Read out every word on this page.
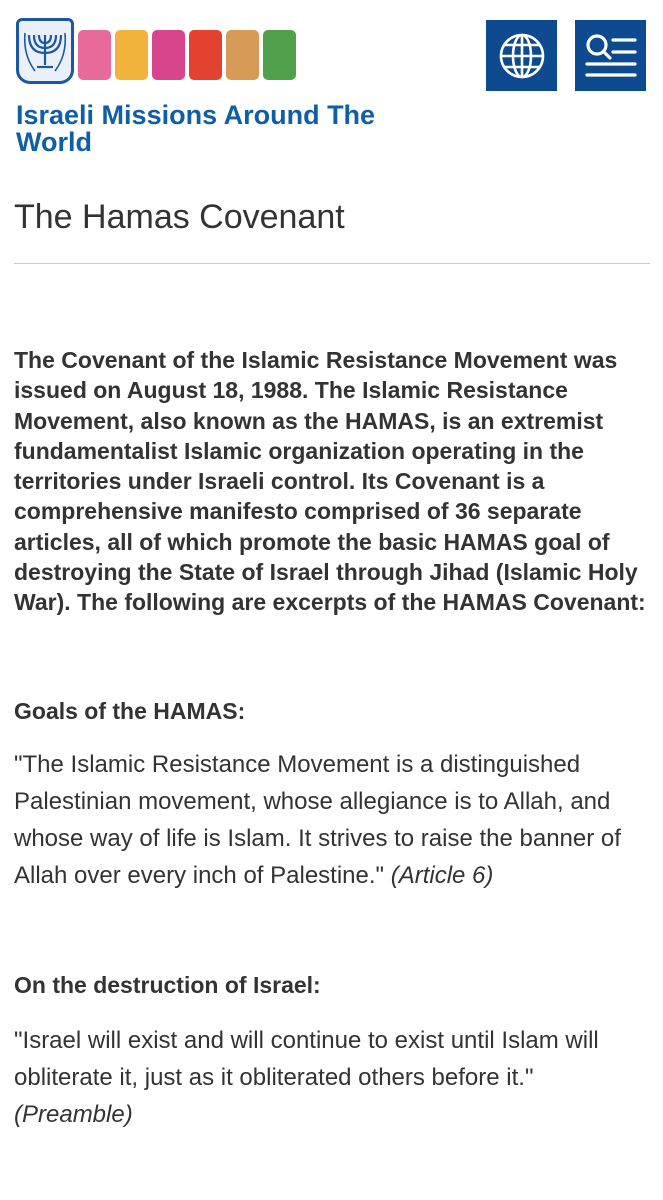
Israeli Missions Around The World
The Hamas Covenant

The Covenant of the Islamic Resistance Movement was issued on August 18, 1988. The Islamic Resistance Movement, also known as the HAMAS, is an extremist fundamentalist Islamic organization operating in the territories under Israeli control. Its Covenant is a comprehensive manifesto comprised of 36 separate articles, all of which promote the basic HAMAS goal of destroying the State of Israel through Jihad (Islamic Holy War). The following are excerpts of the HAMAS Covenant:

Goals of the HAMAS:

"The Islamic Resistance Movement is a distinguished Palestinian movement, whose allegiance is to Allah, and whose way of life is Islam. It strives to raise the banner of Allah over every inch of Palestine." (Article 6)

On the destruction of Israel:

"Israel will exist and will continue to exist until Islam will obliterate it, just as it obliterated others before it." (Preamble)
